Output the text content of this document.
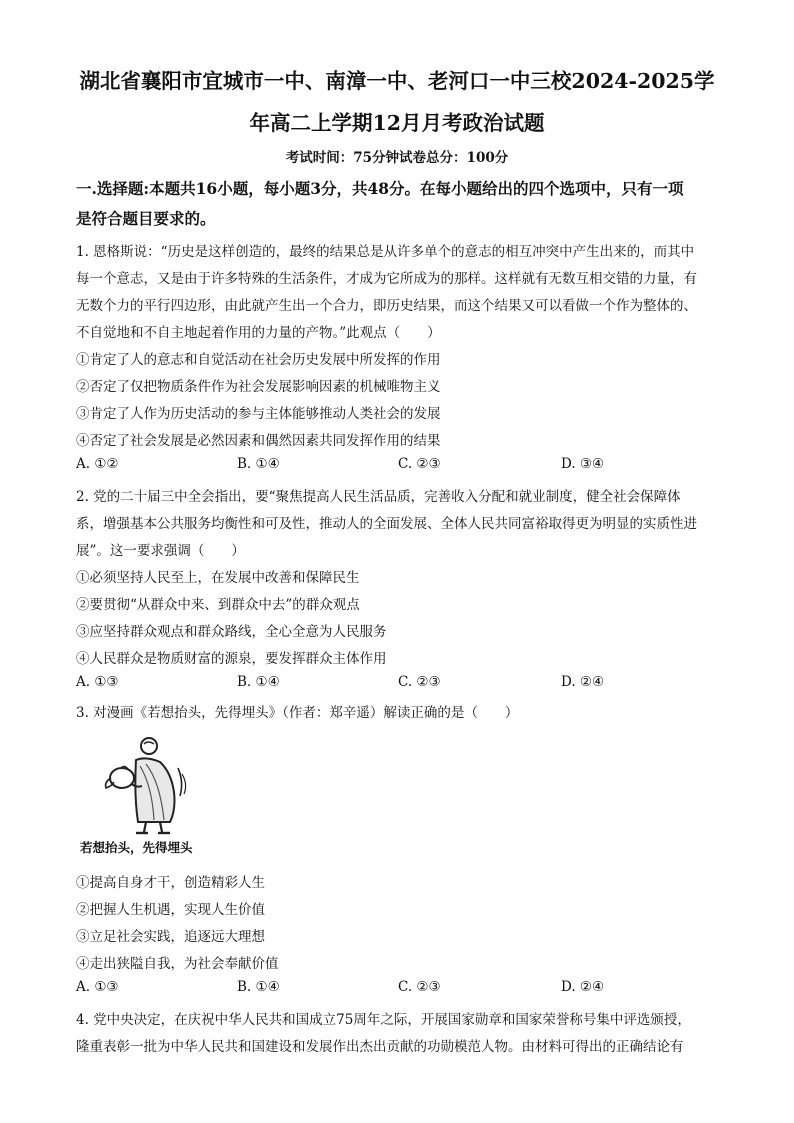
湖北省襄阳市宜城市一中、南漳一中、老河口一中三校2024-2025学
年高二上学期12月月考政治试题
考试时间：75分钟试卷总分：100分
一.选择题:本题共16小题，每小题3分，共48分。在每小题给出的四个选项中，只有一项
是符合题目要求的。
1. 恩格斯说：“历史是这样创造的，最终的结果总是从许多单个的意志的相互冲突中产生出来的，而其中
每一个意志，又是由于许多特殊的生活条件，才成为它所成为的那样。这样就有无数互相交错的力量，有
无数个力的平行四边形，由此就产生出一个合力，即历史结果，而这个结果又可以看做一个作为整体的、
不自觉地和不自主地起着作用的力量的产物。”此观点（　　）
①肯定了人的意志和自觉活动在社会历史发展中所发挥的作用
②否定了仅把物质条件作为社会发展影响因素的机械唯物主义
③肯定了人作为历史活动的参与主体能够推动人类社会的发展
④否定了社会发展是必然因素和偶然因素共同发挥作用的结果
A. ①②	B. ①④	C. ②③	D. ③④
2. 党的二十届三中全会指出，要“聚焦提高人民生活品质，完善收入分配和就业制度，健全社会保障体
系，增强基本公共服务均衡性和可及性，推动人的全面发展、全体人民共同富裕取得更为明显的实质性进
展”。这一要求强调（　　）
①必须坚持人民至上，在发展中改善和保障民生
②要贯彻“从群众中来、到群众中去”的群众观点
③应坚持群众观点和群众路线，全心全意为人民服务
④人民群众是物质财富的源泉，要发挥群众主体作用
A. ①③	B. ①④	C. ②③	D. ②④
3. 对漫画《若想抬头，先得埋头》（作者：郑辛遥）解读正确的是（　　）
若想抬头，先得埋头
①提高自身才干，创造精彩人生
②把握人生机遇，实现人生价值
③立足社会实践，追逐远大理想
④走出狭隘自我，为社会奉献价值
A. ①③	B. ①④	C. ②③	D. ②④
4. 党中央决定，在庆祝中华人民共和国成立75周年之际，开展国家勋章和国家荣誉称号集中评选颁授，
隆重表彰一批为中华人民共和国建设和发展作出杰出贡献的功勋模范人物。由材料可得出的正确结论有
